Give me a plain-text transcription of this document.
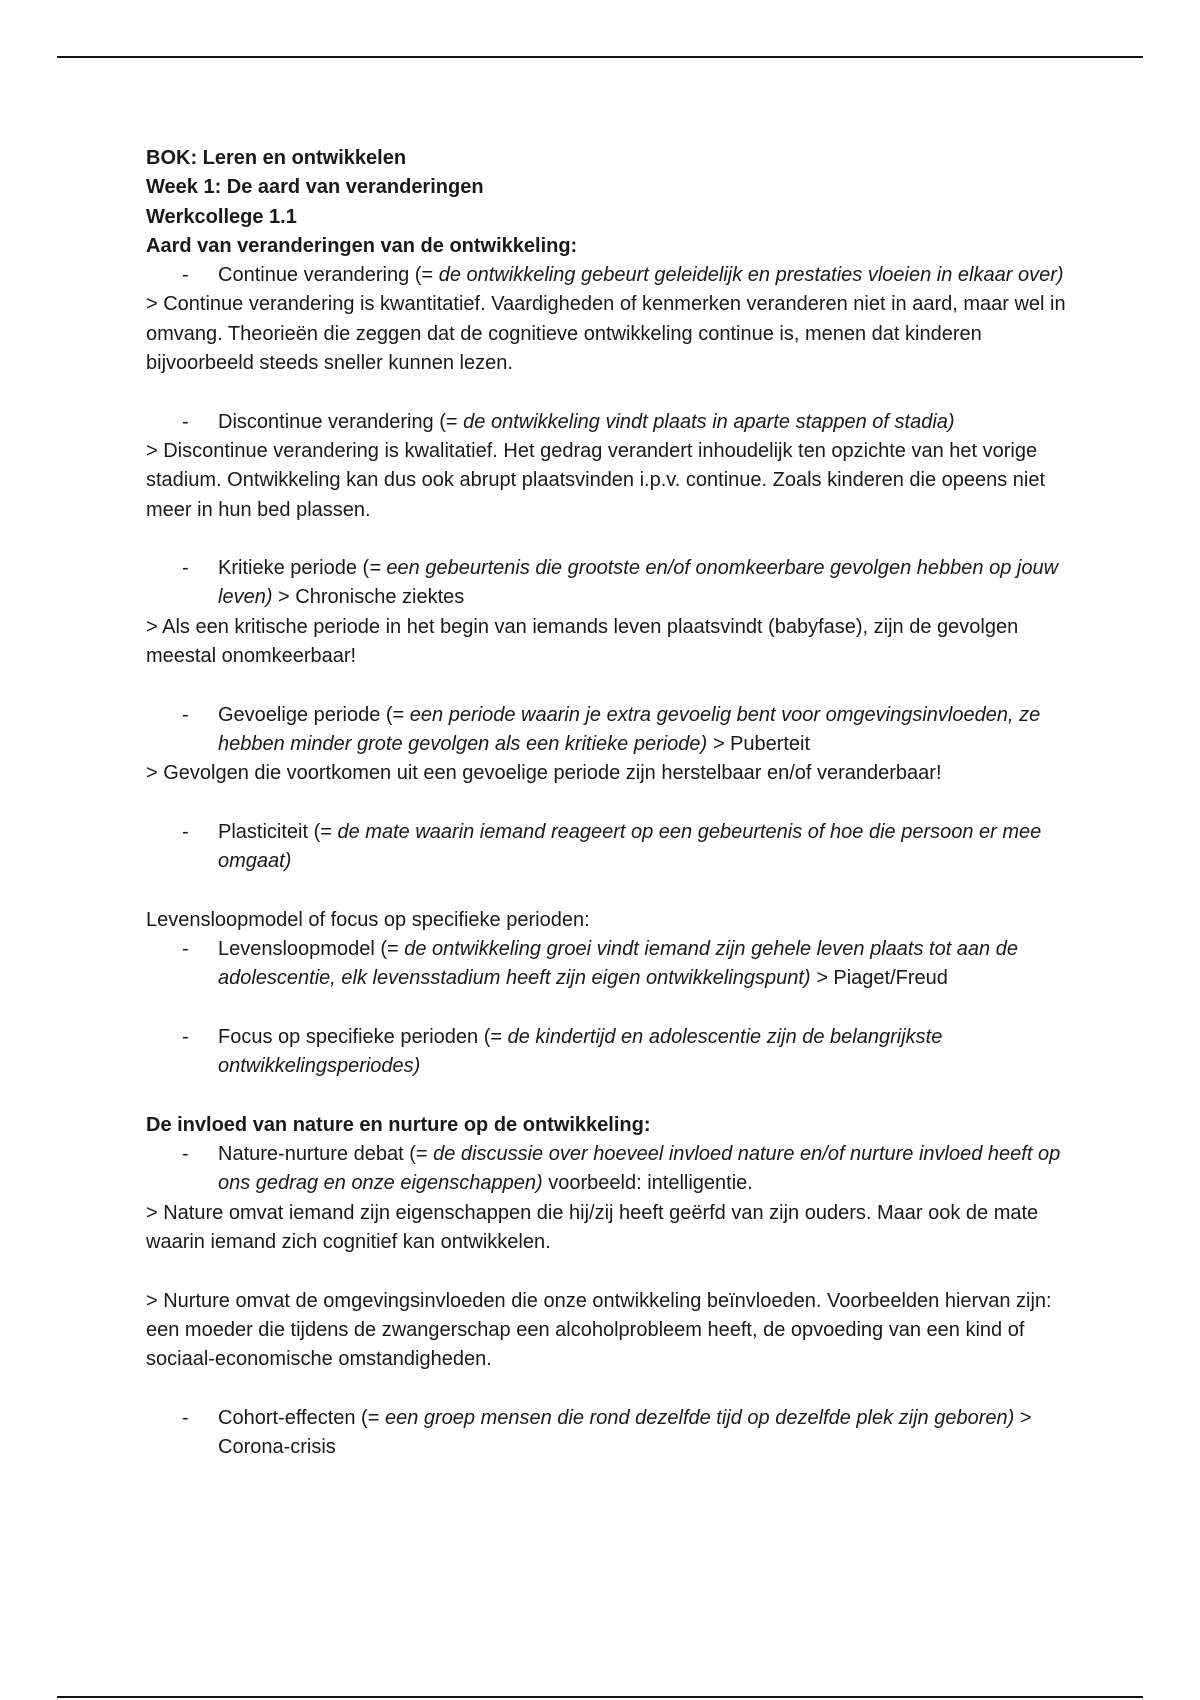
BOK: Leren en ontwikkelen

Week 1: De aard van veranderingen

Werkcollege 1.1

Aard van veranderingen van de ontwikkeling:

- Continue verandering (= de ontwikkeling gebeurt geleidelijk en prestaties vloeien in elkaar over)

> Continue verandering is kwantitatief. Vaardigheden of kenmerken veranderen niet in aard, maar wel in omvang. Theorieën die zeggen dat de cognitieve ontwikkeling continue is, menen dat kinderen bijvoorbeeld steeds sneller kunnen lezen.

- Discontinue verandering (= de ontwikkeling vindt plaats in aparte stappen of stadia)

> Discontinue verandering is kwalitatief. Het gedrag verandert inhoudelijk ten opzichte van het vorige stadium. Ontwikkeling kan dus ook abrupt plaatsvinden i.p.v. continue. Zoals kinderen die opeens niet meer in hun bed plassen.

- Kritieke periode (= een gebeurtenis die grootste en/of onomkeerbare gevolgen hebben op jouw leven) > Chronische ziektes

> Als een kritische periode in het begin van iemands leven plaatsvindt (babyfase), zijn de gevolgen meestal onomkeerbaar!

- Gevoelige periode (= een periode waarin je extra gevoelig bent voor omgevingsinvloeden, ze hebben minder grote gevolgen als een kritieke periode) > Puberteit

> Gevolgen die voortkomen uit een gevoelige periode zijn herstelbaar en/of veranderbaar!

- Plasticiteit (= de mate waarin iemand reageert op een gebeurtenis of hoe die persoon er mee omgaat)

Levensloopmodel of focus op specifieke perioden:

- Levensloopmodel (= de ontwikkeling groei vindt iemand zijn gehele leven plaats tot aan de adolescentie, elk levensstadium heeft zijn eigen ontwikkelingspunt) > Piaget/Freud

- Focus op specifieke perioden (= de kindertijd en adolescentie zijn de belangrijkste ontwikkelingsperiodes)

De invloed van nature en nurture op de ontwikkeling:

- Nature-nurture debat (= de discussie over hoeveel invloed nature en/of nurture invloed heeft op ons gedrag en onze eigenschappen) voorbeeld: intelligentie.

> Nature omvat iemand zijn eigenschappen die hij/zij heeft geërfd van zijn ouders. Maar ook de mate waarin iemand zich cognitief kan ontwikkelen.

> Nurture omvat de omgevingsinvloeden die onze ontwikkeling beïnvloeden. Voorbeelden hiervan zijn: een moeder die tijdens de zwangerschap een alcoholprobleem heeft, de opvoeding van een kind of sociaal-economische omstandigheden.

- Cohort-effecten (= een groep mensen die rond dezelfde tijd op dezelfde plek zijn geboren) > Corona-crisis
